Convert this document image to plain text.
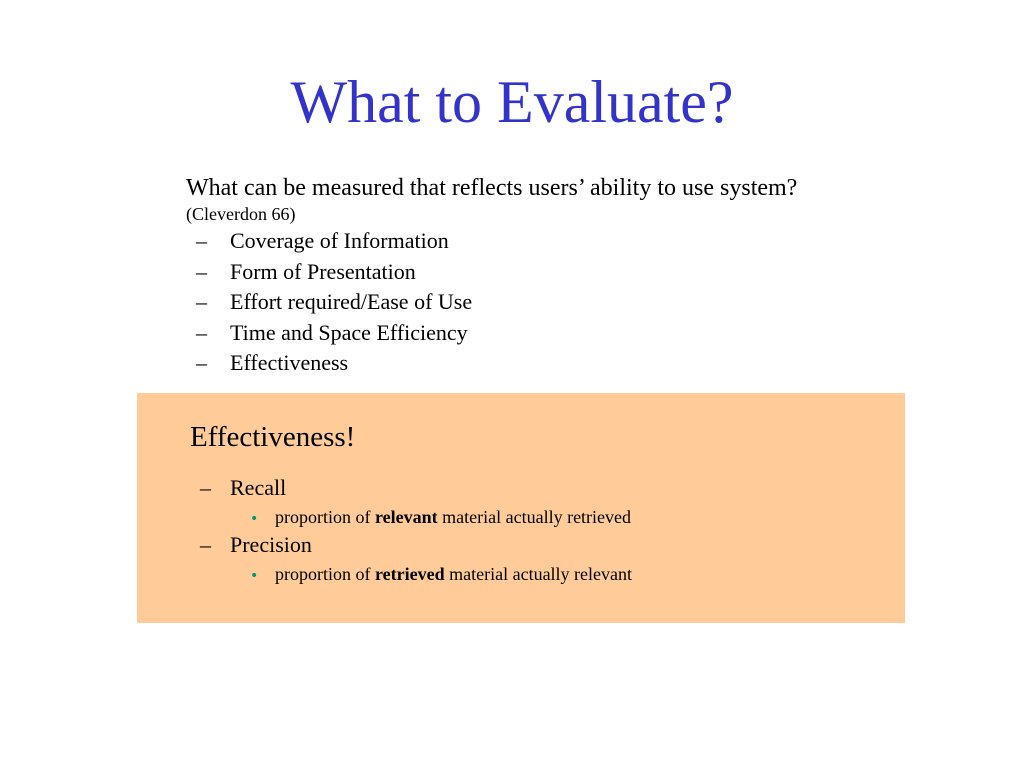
What to Evaluate?
What can be measured that reflects users’ ability to use system?
(Cleverdon 66)
– Coverage of Information
– Form of Presentation
– Effort required/Ease of Use
– Time and Space Efficiency
– Effectiveness
Effectiveness!
– Recall
• proportion of relevant material actually retrieved
– Precision
• proportion of retrieved material actually relevant
